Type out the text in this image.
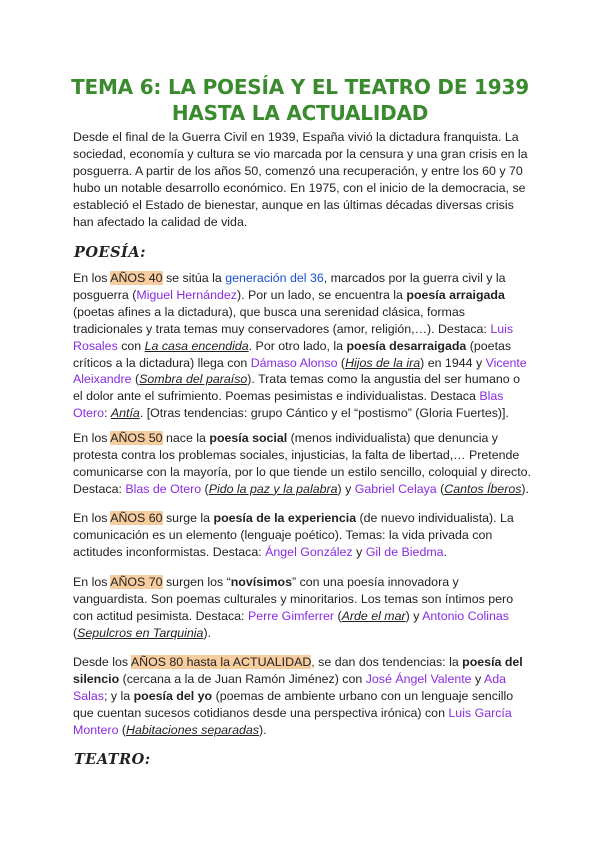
TEMA 6: LA POESÍA Y EL TEATRO DE 1939 HASTA LA ACTUALIDAD

Desde el final de la Guerra Civil en 1939, España vivió la dictadura franquista. La sociedad, economía y cultura se vio marcada por la censura y una gran crisis en la posguerra. A partir de los años 50, comenzó una recuperación, y entre los 60 y 70 hubo un notable desarrollo económico. En 1975, con el inicio de la democracia, se estableció el Estado de bienestar, aunque en las últimas décadas diversas crisis han afectado la calidad de vida.

POESÍA:

En los AÑOS 40 se sitúa la generación del 36, marcados por la guerra civil y la posguerra (Miguel Hernández). Por un lado, se encuentra la poesía arraigada (poetas afines a la dictadura), que busca una serenidad clásica, formas tradicionales y trata temas muy conservadores (amor, religión,…). Destaca: Luis Rosales con La casa encendida. Por otro lado, la poesía desarraigada (poetas críticos a la dictadura) llega con Dámaso Alonso (Hijos de la ira) en 1944 y Vicente Aleixandre (Sombra del paraíso). Trata temas como la angustia del ser humano o el dolor ante el sufrimiento. Poemas pesimistas e individualistas. Destaca Blas Otero: Antía. [Otras tendencias: grupo Cántico y el “postismo” (Gloria Fuertes)].

En los AÑOS 50 nace la poesía social (menos individualista) que denuncia y protesta contra los problemas sociales, injusticias, la falta de libertad,… Pretende comunicarse con la mayoría, por lo que tiende un estilo sencillo, coloquial y directo. Destaca: Blas de Otero (Pido la paz y la palabra) y Gabriel Celaya (Cantos Íberos).

En los AÑOS 60 surge la poesía de la experiencia (de nuevo individualista). La comunicación es un elemento (lenguaje poético). Temas: la vida privada con actitudes inconformistas. Destaca: Ángel González y Gil de Biedma.

En los AÑOS 70 surgen los “novísimos” con una poesía innovadora y vanguardista. Son poemas culturales y minoritarios. Los temas son íntimos pero con actitud pesimista. Destaca: Perre Gimferrer (Arde el mar) y Antonio Colinas (Sepulcros en Tarquinia).

Desde los AÑOS 80 hasta la ACTUALIDAD, se dan dos tendencias: la poesía del silencio (cercana a la de Juan Ramón Jiménez) con José Ángel Valente y Ada Salas; y la poesía del yo (poemas de ambiente urbano con un lenguaje sencillo que cuentan sucesos cotidianos desde una perspectiva irónica) con Luis García Montero (Habitaciones separadas).

TEATRO:
